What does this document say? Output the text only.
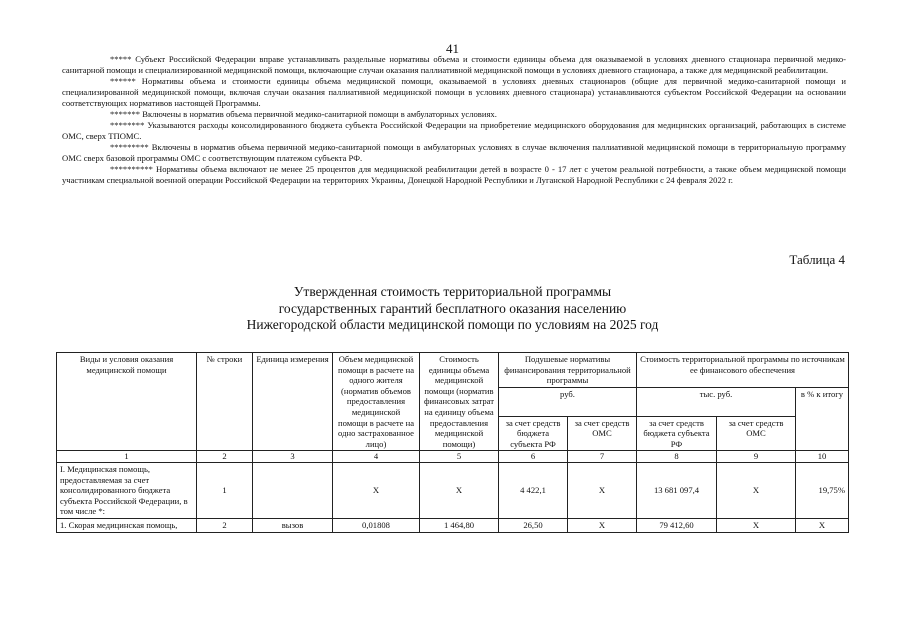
41

***** Субъект Российской Федерации вправе устанавливать раздельные нормативы объема и стоимости единицы объема для оказываемой в условиях дневного стационара первичной медико-санитарной помощи и специализированной медицинской помощи, включающие случаи оказания паллиативной медицинской помощи в условиях дневного стационара, а также для медицинской реабилитации.

****** Нормативы объема и стоимости единицы объема медицинской помощи, оказываемой в условиях дневных стационаров (общие для первичной медико-санитарной помощи и специализированной медицинской помощи, включая случаи оказания паллиативной медицинской помощи в условиях дневного стационара) устанавливаются субъектом Российской Федерации на основании соответствующих нормативов настоящей Программы.

******* Включены в норматив объема первичной медико-санитарной помощи в амбулаторных условиях.

******** Указываются расходы консолидированного бюджета субъекта Российской Федерации на приобретение медицинского оборудования для медицинских организаций, работающих в системе ОМС, сверх ТПОМС.

********* Включены в норматив объема первичной медико-санитарной помощи в амбулаторных условиях в случае включения паллиативной медицинской помощи в территориальную программу ОМС сверх базовой программы ОМС с соответствующим платежом субъекта РФ.

********** Нормативы объема включают не менее 25 процентов для медицинской реабилитации детей в возрасте 0 - 17 лет с учетом реальной потребности, а также объем медицинской помощи участникам специальной военной операции Российской Федерации на территориях Украины, Донецкой Народной Республики и Луганской Народной Республики с 24 февраля 2022 г.

Таблица 4
Утвержденная стоимость территориальной программы
государственных гарантий бесплатного оказания населению
Нижегородской области медицинской помощи по условиям на 2025 год
Виды и условия оказания медицинской помощи	№ строки	Единица измерения	Объем медицинской помощи в расчете на одного жителя (норматив объемов предоставления медицинской помощи в расчете на одно застрахованное лицо)	Стоимость единицы объема медицинской помощи (норматив финансовых затрат на единицу объема предоставления медицинской помощи)	Подушевые нормативы финансирования территориальной программы		Стоимость территориальной программы по источникам ее финансового обеспечения		
					руб.		тыс. руб.		в % к итогу
					за счет средств бюджета субъекта РФ	за счет средств ОМС	за счет средств бюджета субъекта РФ	за счет средств ОМС	
1	2	3	4	5	6	7	8	9	10
I. Медицинская помощь, предоставляемая за счет консолидированного бюджета субъекта Российской Федерации, в том числе *:	1		Х	Х	4 422,1	Х	13 681 097,4	Х	19,75%
1. Скорая медицинская помощь,	2	вызов	0,01808	1 464,80	26,50	Х	79 412,60	Х	Х
